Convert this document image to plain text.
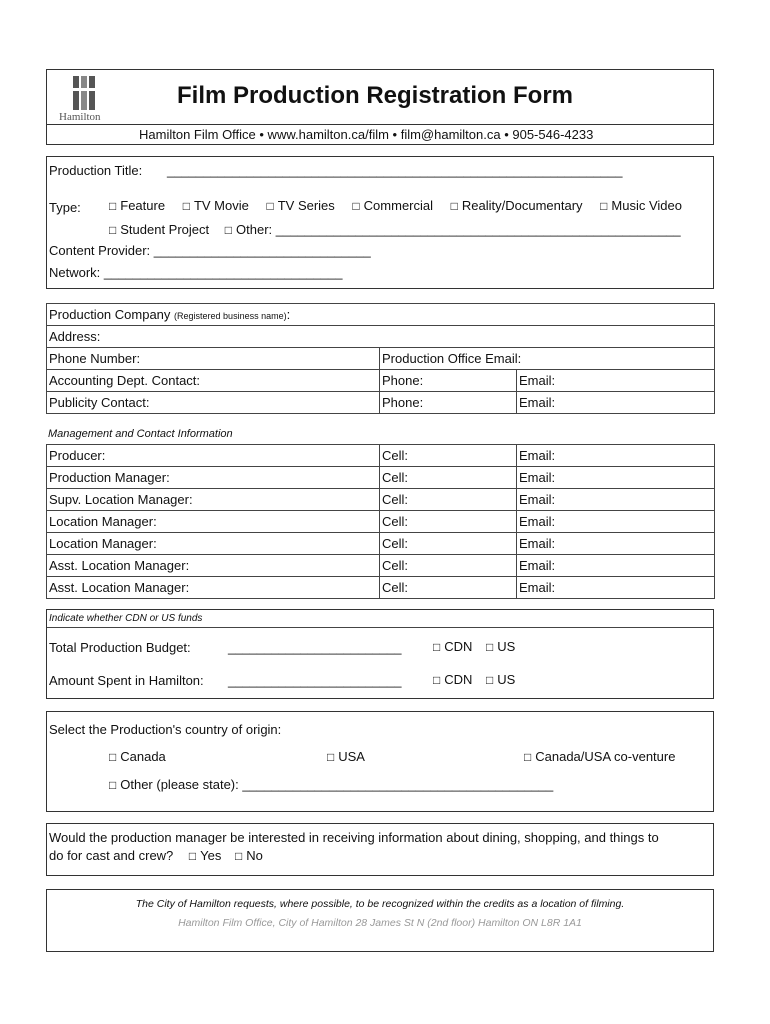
Hamilton
Film Production Registration Form
Hamilton Film Office • www.hamilton.ca/film • film@hamilton.ca • 905-546-4233
Production Title: _______________________________________________________________
Type:	□ Feature □ TV Movie □ TV Series □ Commercial □ Reality/Documentary □ Music Video
□ Student Project □ Other: ________________________________________________________
Content Provider: ______________________________
Network: _________________________________
Production Company (Registered business name):		
Address:		
Phone Number:	Production Office Email:	
Accounting Dept. Contact:	Phone:	Email:
Publicity Contact:	Phone:	Email:
Management and Contact Information
Producer:	Cell:	Email:
Production Manager:	Cell:	Email:
Supv. Location Manager:	Cell:	Email:
Location Manager:	Cell:	Email:
Location Manager:	Cell:	Email:
Asst. Location Manager:	Cell:	Email:
Asst. Location Manager:	Cell:	Email:
Indicate whether CDN or US funds
Total Production Budget:	________________________	□ CDN □ US
Amount Spent in Hamilton: ________________________	□ CDN □ US
Select the Production's country of origin:
□ Canada	□ USA	□ Canada/USA co-venture
□ Other (please state): ___________________________________________
Would the production manager be interested in receiving information about dining, shopping, and things to
do for cast and crew? □ Yes □ No
The City of Hamilton requests, where possible, to be recognized within the credits as a location of filming.
Hamilton Film Office, City of Hamilton 28 James St N (2nd floor) Hamilton ON L8R 1A1
